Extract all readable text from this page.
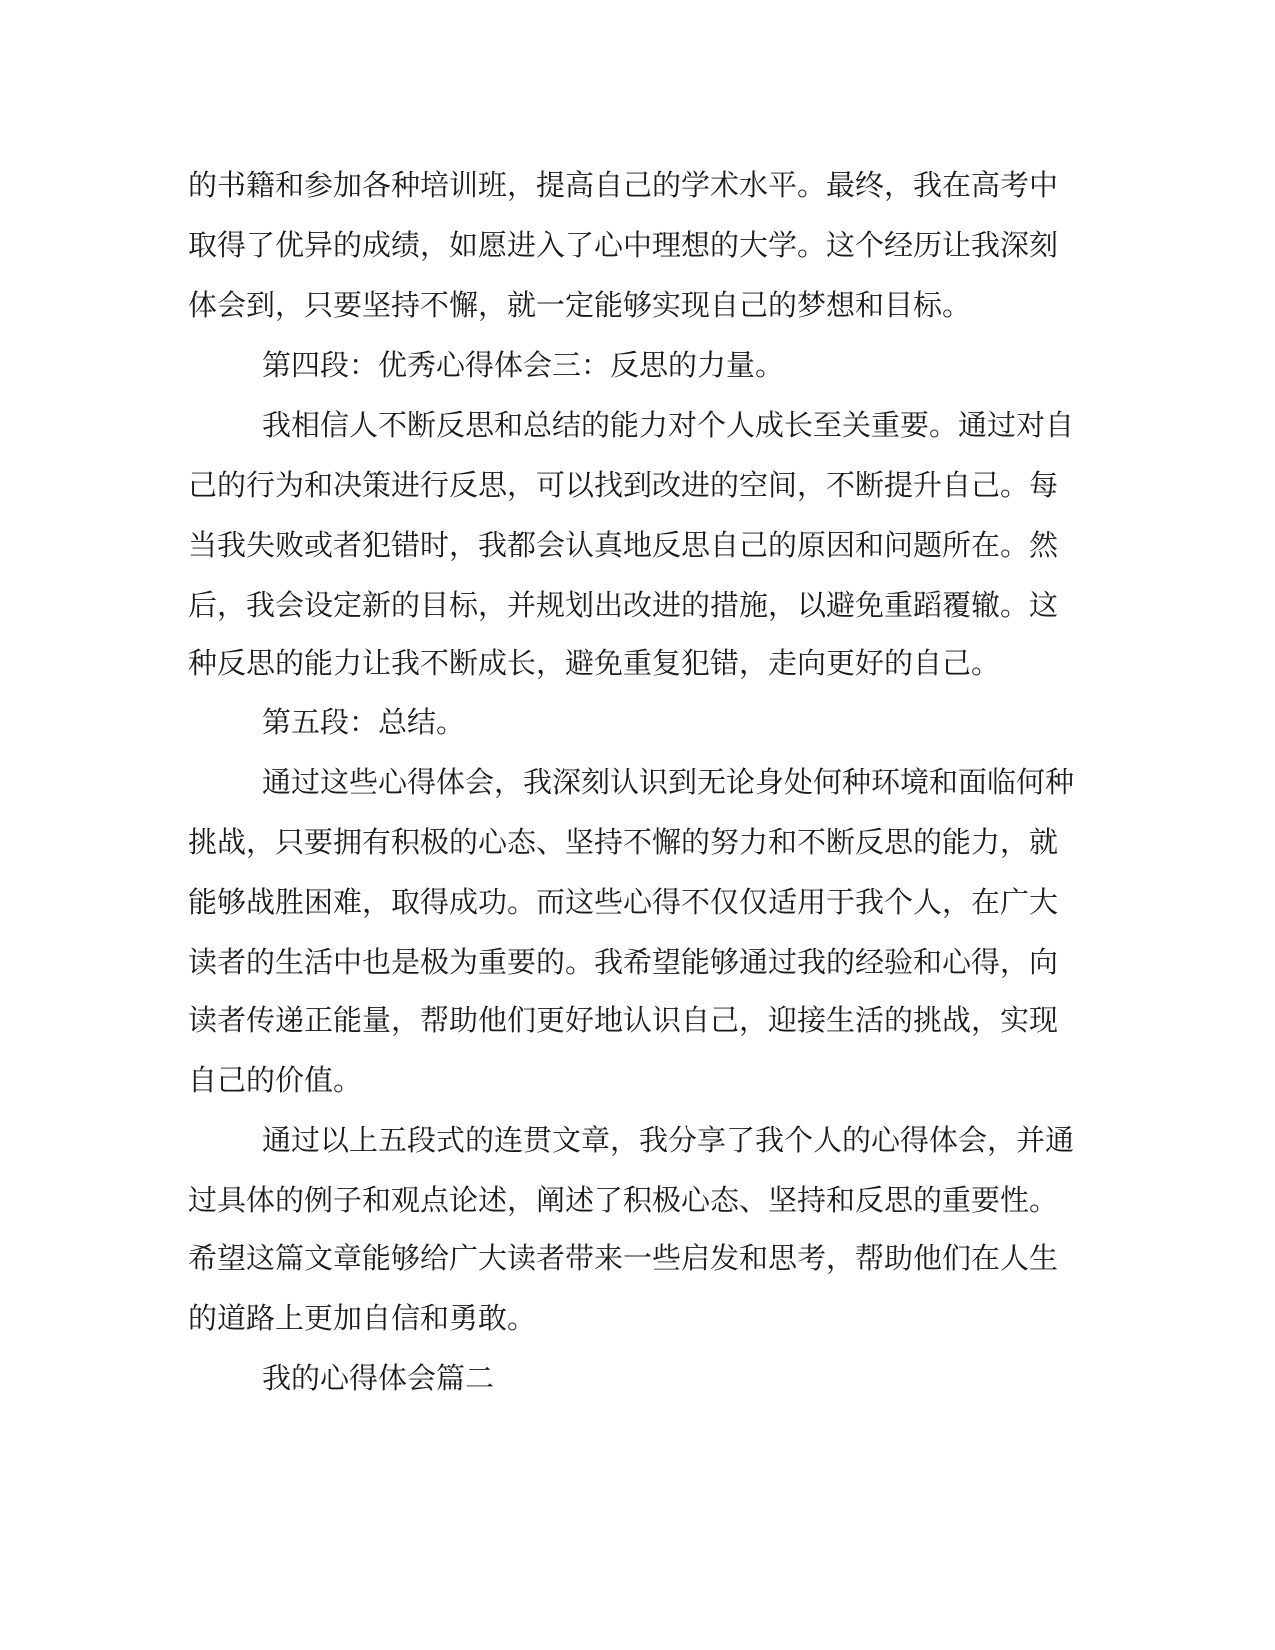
的书籍和参加各种培训班，提高自己的学术水平。最终，我在高考中
取得了优异的成绩，如愿进入了心中理想的大学。这个经历让我深刻
体会到，只要坚持不懈，就一定能够实现自己的梦想和目标。
第四段：优秀心得体会三：反思的力量。
我相信人不断反思和总结的能力对个人成长至关重要。通过对自
己的行为和决策进行反思，可以找到改进的空间，不断提升自己。每
当我失败或者犯错时，我都会认真地反思自己的原因和问题所在。然
后，我会设定新的目标，并规划出改进的措施，以避免重蹈覆辙。这
种反思的能力让我不断成长，避免重复犯错，走向更好的自己。
第五段：总结。
通过这些心得体会，我深刻认识到无论身处何种环境和面临何种
挑战，只要拥有积极的心态、坚持不懈的努力和不断反思的能力，就
能够战胜困难，取得成功。而这些心得不仅仅适用于我个人，在广大
读者的生活中也是极为重要的。我希望能够通过我的经验和心得，向
读者传递正能量，帮助他们更好地认识自己，迎接生活的挑战，实现
自己的价值。
通过以上五段式的连贯文章，我分享了我个人的心得体会，并通
过具体的例子和观点论述，阐述了积极心态、坚持和反思的重要性。
希望这篇文章能够给广大读者带来一些启发和思考，帮助他们在人生
的道路上更加自信和勇敢。
我的心得体会篇二
